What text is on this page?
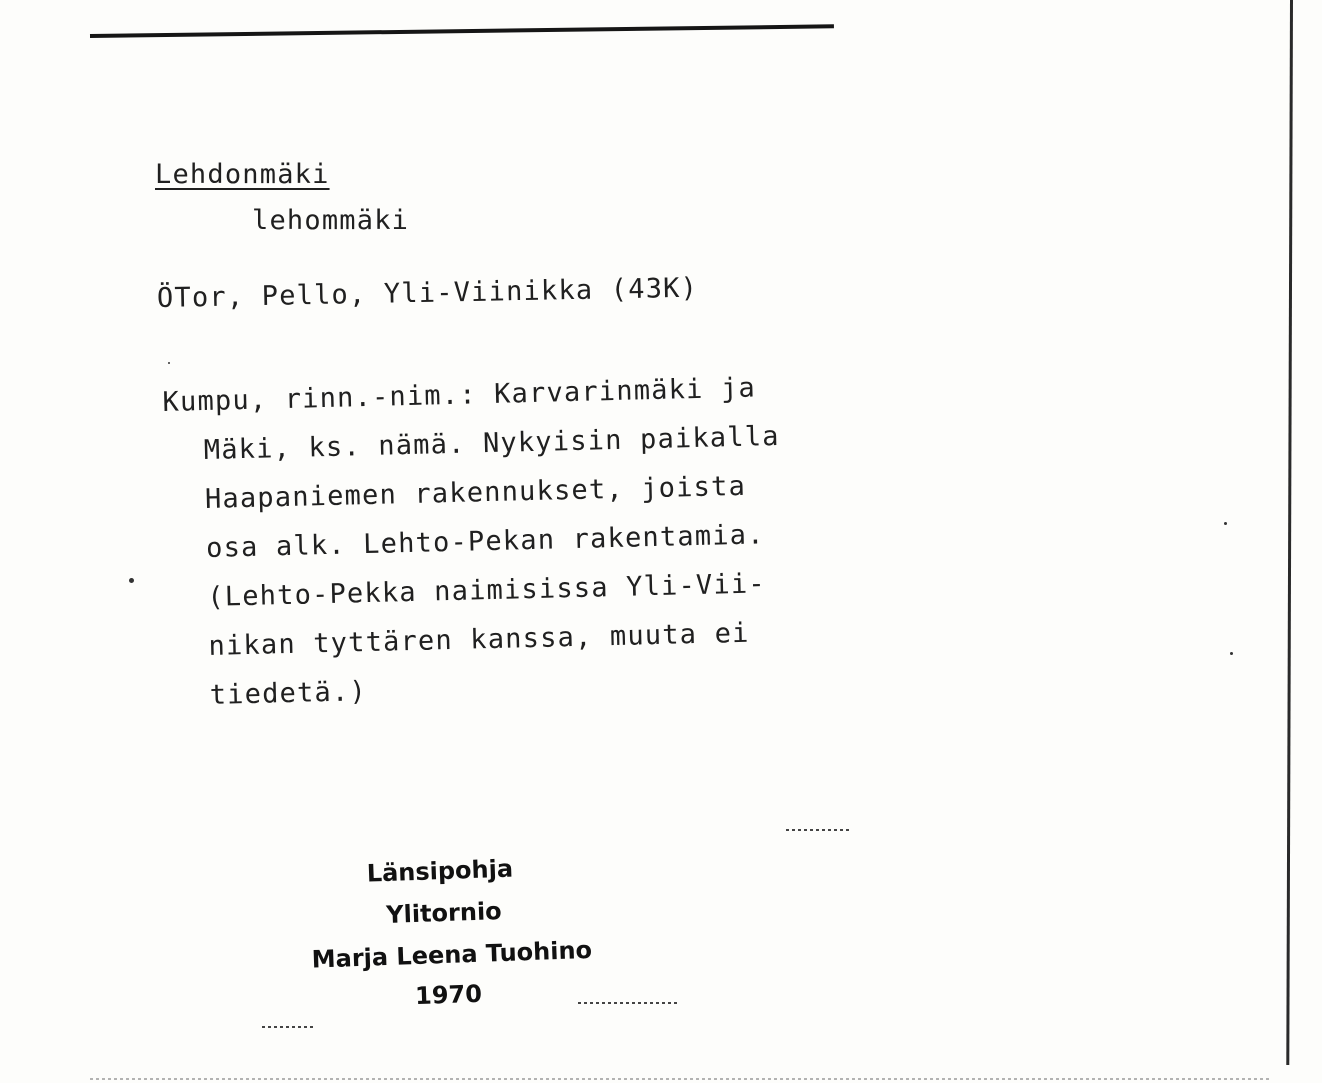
Lehdonmäki
lehommäki
ÖTor, Pello, Yli-Viinikka (43K)
Kumpu, rinn.-nim.: Karvarinmäki ja
Mäki, ks. nämä. Nykyisin paikalla
Haapaniemen rakennukset, joista
osa alk. Lehto-Pekan rakentamia.
(Lehto-Pekka naimisissa Yli-Vii-
nikan tyttären kanssa, muuta ei
tiedetä.)
Länsipohja
Ylitornio
Marja Leena Tuohino
1970
